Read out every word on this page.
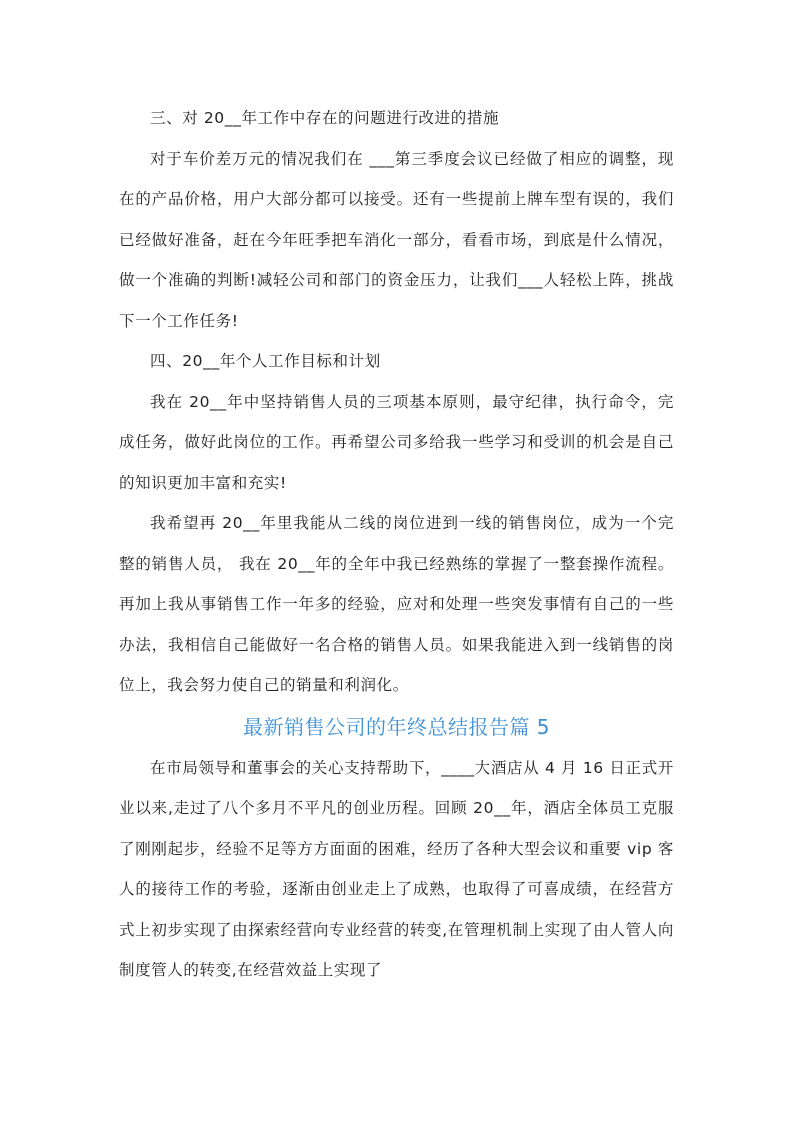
三、对 20__年工作中存在的问题进行改进的措施

对于车价差万元的情况我们在 ___第三季度会议已经做了相应的调整，现在的产品价格，用户大部分都可以接受。还有一些提前上牌车型有误的，我们已经做好准备，赶在今年旺季把车消化一部分，看看市场，到底是什么情况， 做一个准确的判断!减轻公司和部门的资金压力，让我们___人轻松上阵，挑战下一个工作任务!

四、20__年个人工作目标和计划

我在 20__年中坚持销售人员的三项基本原则，最守纪律，执行命令，完成任务，做好此岗位的工作。再希望公司多给我一些学习和受训的机会是自己的知识更加丰富和充实!

我希望再 20__年里我能从二线的岗位进到一线的销售岗位，成为一个完整的销售人员， 我在 20__年的全年中我已经熟练的掌握了一整套操作流程。再加上我从事销售工作一年多的经验，应对和处理一些突发事情有自己的一些办法，我相信自己能做好一名合格的销售人员。如果我能进入到一线销售的岗位上，我会努力使自己的销量和利润化。

最新销售公司的年终总结报告篇 5

在市局领导和董事会的关心支持帮助下，____大酒店从 4 月 16 日正式开业以来,走过了八个多月不平凡的创业历程。回顾 20__年，酒店全体员工克服了刚刚起步，经验不足等方方面面的困难，经历了各种大型会议和重要 vip 客人的接待工作的考验，逐渐由创业走上了成熟，也取得了可喜成绩，在经营方式上初步实现了由探索经营向专业经营的转变,在管理机制上实现了由人管人向制度管人的转变,在经营效益上实现了
